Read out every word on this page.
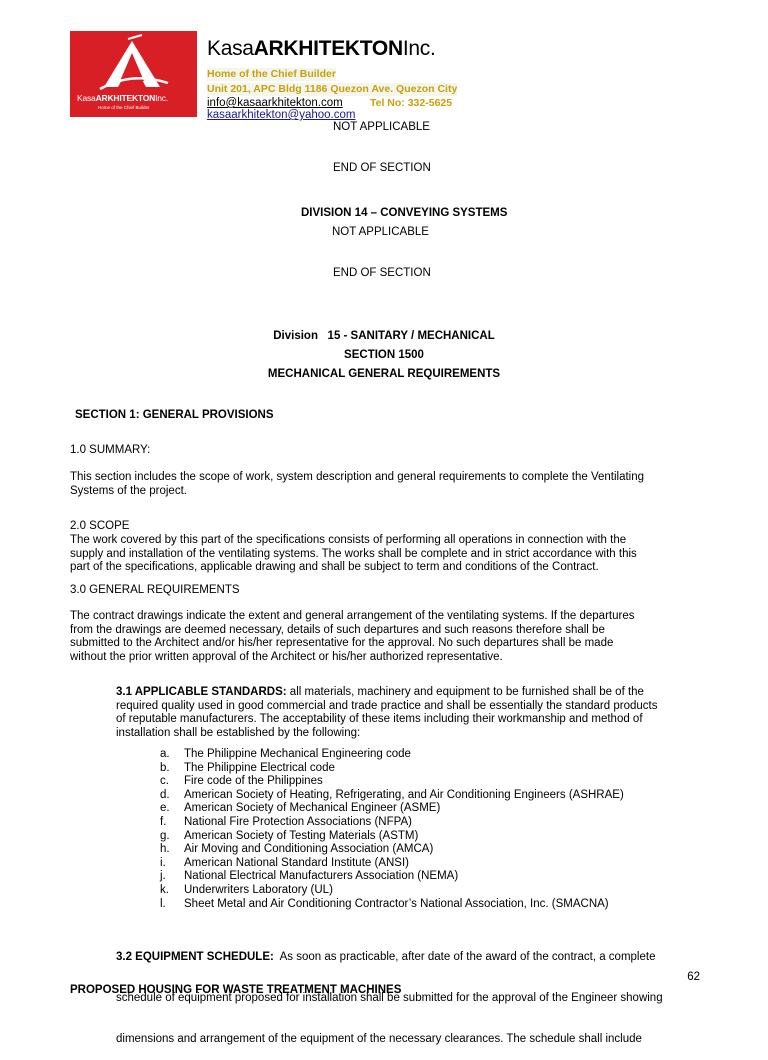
KasaARKHITEKTONInc.
Home of the Chief Builder
KasaARKHITEKTONInc.
Home of the Chief Builder
Unit 201, APC Bldg 1186 Quezon Ave. Quezon City
info@kasaarkhitekton.com	Tel No: 332-5625
kasaarkhitekton@yahoo.com
NOT APPLICABLE
END OF SECTION
DIVISION 14 – CONVEYING SYSTEMS
NOT APPLICABLE
END OF SECTION
Division   15 - SANITARY / MECHANICAL
SECTION 1500
MECHANICAL GENERAL REQUIREMENTS
SECTION 1: GENERAL PROVISIONS
1.0 SUMMARY:
This section includes the scope of work, system description and general requirements to complete the Ventilating
Systems of the project.
2.0 SCOPE
The work covered by this part of the specifications consists of performing all operations in connection with the
supply and installation of the ventilating systems. The works shall be complete and in strict accordance with this
part of the specifications, applicable drawing and shall be subject to term and conditions of the Contract.
3.0 GENERAL REQUIREMENTS
The contract drawings indicate the extent and general arrangement of the ventilating systems. If the departures
from the drawings are deemed necessary, details of such departures and such reasons therefore shall be
submitted to the Architect and/or his/her representative for the approval. No such departures shall be made
without the prior written approval of the Architect or his/her authorized representative.
3.1 APPLICABLE STANDARDS: all materials, machinery and equipment to be furnished shall be of the
required quality used in good commercial and trade practice and shall be essentially the standard products
of reputable manufacturers. The acceptability of these items including their workmanship and method of
installation shall be established by the following:
a. The Philippine Mechanical Engineering code
b. The Philippine Electrical code
c. Fire code of the Philippines
d. American Society of Heating, Refrigerating, and Air Conditioning Engineers (ASHRAE)
e. American Society of Mechanical Engineer (ASME)
f. National Fire Protection Associations (NFPA)
g. American Society of Testing Materials (ASTM)
h. Air Moving and Conditioning Association (AMCA)
i. American National Standard Institute (ANSI)
j. National Electrical Manufacturers Association (NEMA)
k. Underwriters Laboratory (UL)
l. Sheet Metal and Air Conditioning Contractor’s National Association, Inc. (SMACNA)

3.2 EQUIPMENT SCHEDULE:  As soon as practicable, after date of the award of the contract, a complete

schedule of equipment proposed for installation shall be submitted for the approval of the Engineer showing

dimensions and arrangement of the equipment of the necessary clearances. The schedule shall include

62
PROPOSED HOUSING FOR WASTE TREATMENT MACHINES
